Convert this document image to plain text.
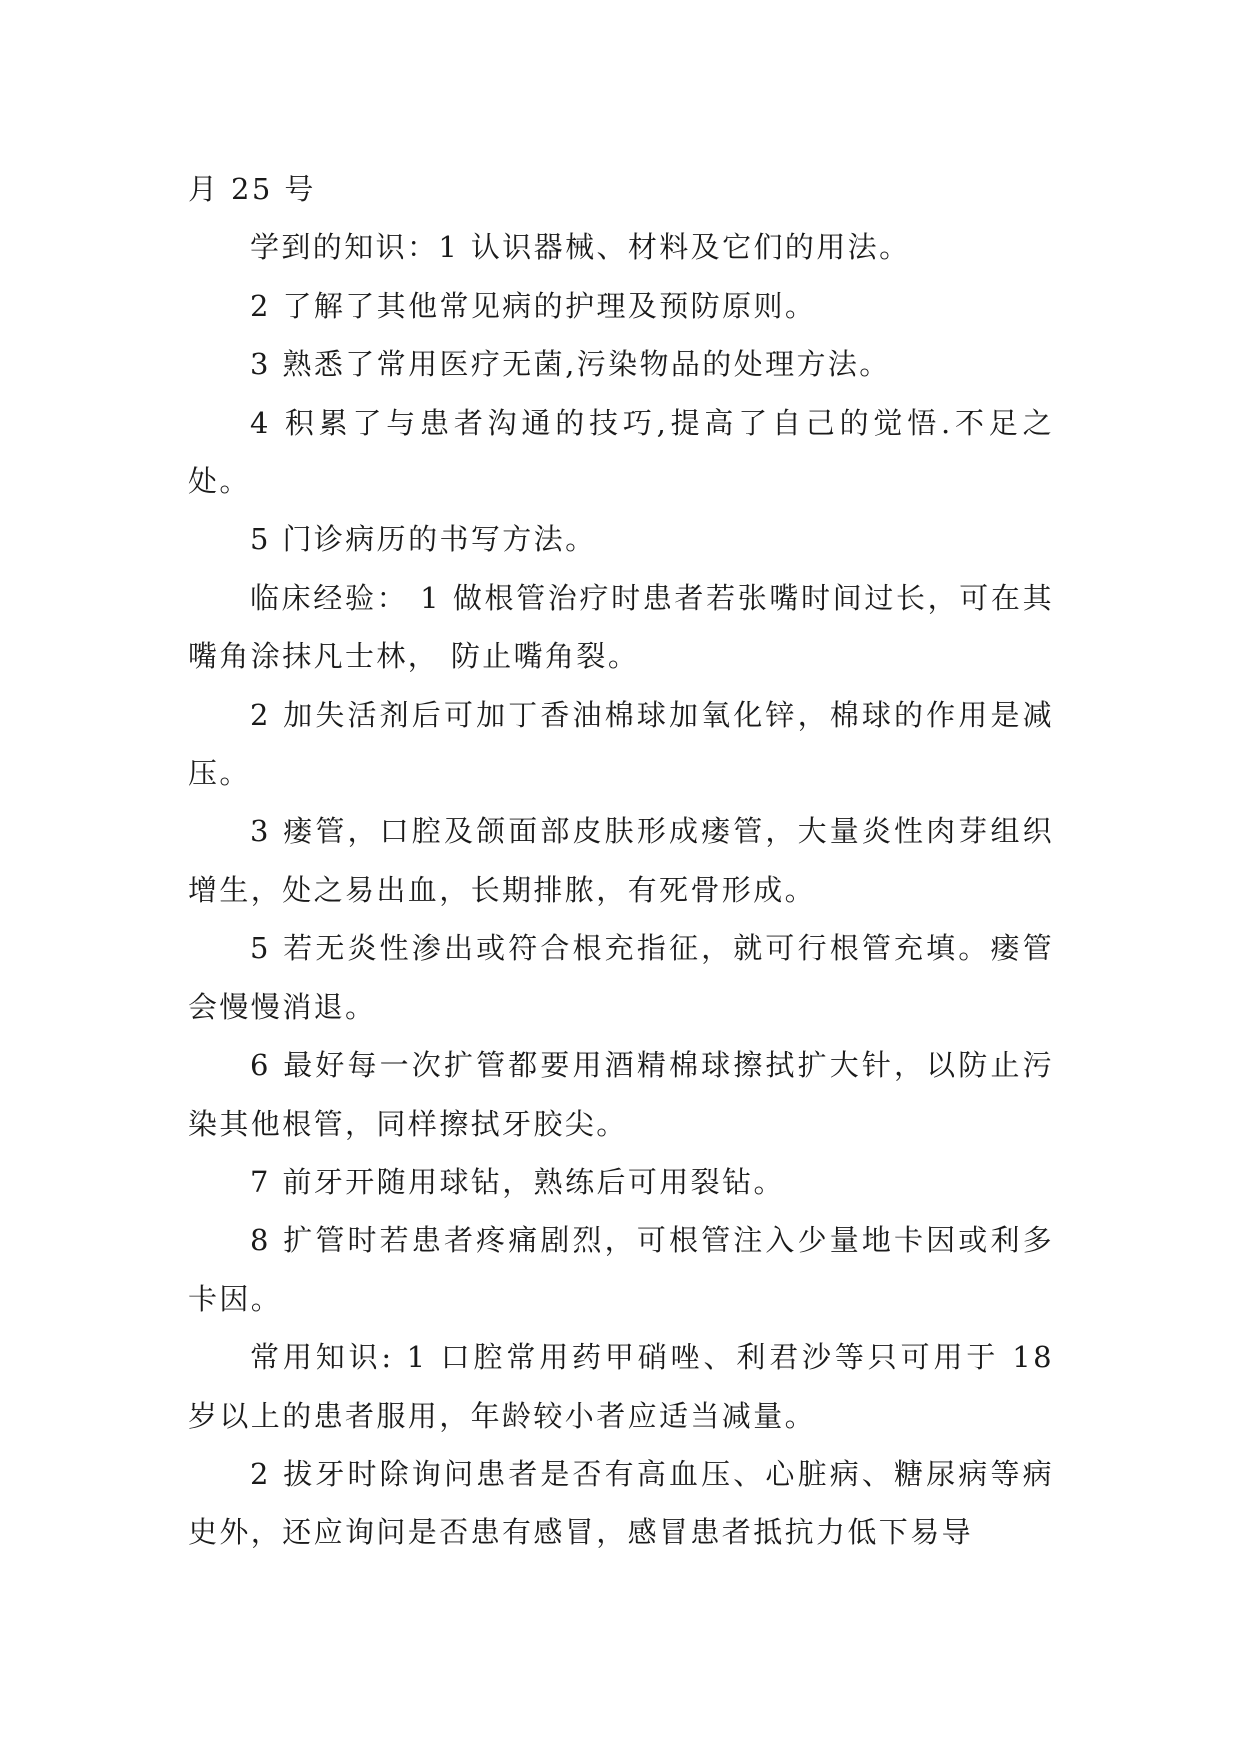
月 25 号

学到的知识：1 认识器械、材料及它们的用法。

2 了解了其他常见病的护理及预防原则。

3 熟悉了常用医疗无菌,污染物品的处理方法。

4 积累了与患者沟通的技巧,提高了自己的觉悟.不足之处。

5 门诊病历的书写方法。

临床经验： 1 做根管治疗时患者若张嘴时间过长，可在其嘴角涂抹凡士林， 防止嘴角裂。

2 加失活剂后可加丁香油棉球加氧化锌，棉球的作用是减压。

3 瘘管，口腔及颌面部皮肤形成瘘管，大量炎性肉芽组织增生，处之易出血，长期排脓，有死骨形成。

5 若无炎性渗出或符合根充指征，就可行根管充填。瘘管会慢慢消退。

6 最好每一次扩管都要用酒精棉球擦拭扩大针，以防止污染其他根管，同样擦拭牙胶尖。

7 前牙开随用球钻，熟练后可用裂钻。

8 扩管时若患者疼痛剧烈，可根管注入少量地卡因或利多卡因。

常用知识: 1 口腔常用药甲硝唑、利君沙等只可用于 18 岁以上的患者服用，年龄较小者应适当减量。

2 拔牙时除询问患者是否有高血压、心脏病、糖尿病等病史外，还应询问是否患有感冒，感冒患者抵抗力低下易导
